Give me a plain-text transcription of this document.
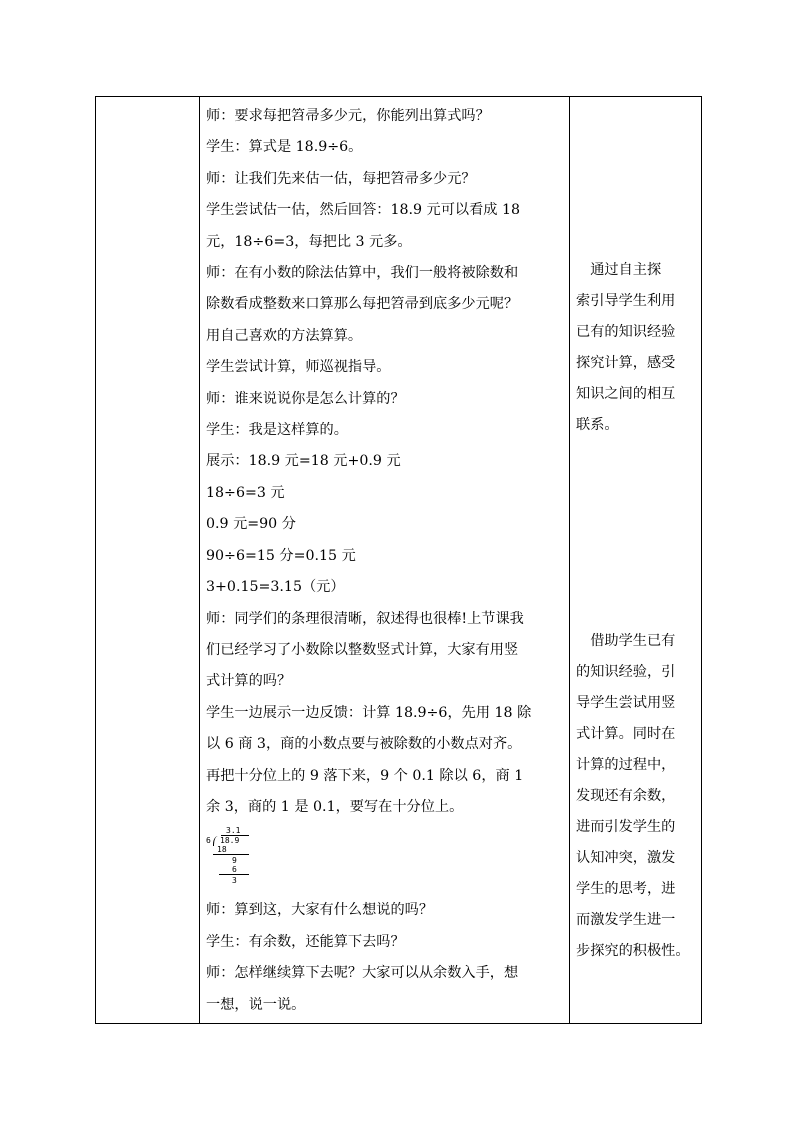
师：要求每把笤帚多少元，你能列出算式吗？
学生：算式是 18.9÷6。
师：让我们先来估一估，每把笤帚多少元？
学生尝试估一估，然后回答：18.9 元可以看成 18
元，18÷6=3，每把比 3 元多。
师：在有小数的除法估算中，我们一般将被除数和
除数看成整数来口算那么每把笤帚到底多少元呢？
用自己喜欢的方法算算。
学生尝试计算，师巡视指导。
师：谁来说说你是怎么计算的？
学生：我是这样算的。
展示：18.9 元=18 元+0.9 元
18÷6=3 元
0.9 元=90 分
90÷6=15 分=0.15 元
3+0.15=3.15（元）
师：同学们的条理很清晰，叙述得也很棒!上节课我
们已经学习了小数除以整数竖式计算，大家有用竖
式计算的吗？
学生一边展示一边反馈：计算 18.9÷6，先用 18 除
以 6 商 3，商的小数点要与被除数的小数点对齐。
再把十分位上的 9 落下来，9 个 0.1 除以 6，商 1
余 3，商的 1 是 0.1，要写在十分位上。
3.1
6 18.9
18
9
6
3
师：算到这，大家有什么想说的吗？
学生：有余数，还能算下去吗？
师：怎样继续算下去呢？大家可以从余数入手，想
一想，说一说。

　通过自主探
索引导学生利用
已有的知识经验
探究计算，感受
知识之间的相互
联系。
　借助学生已有
的知识经验，引
导学生尝试用竖
式计算。同时在
计算的过程中，
发现还有余数，
进而引发学生的
认知冲突，激发
学生的思考，进
而激发学生进一
步探究的积极性。
